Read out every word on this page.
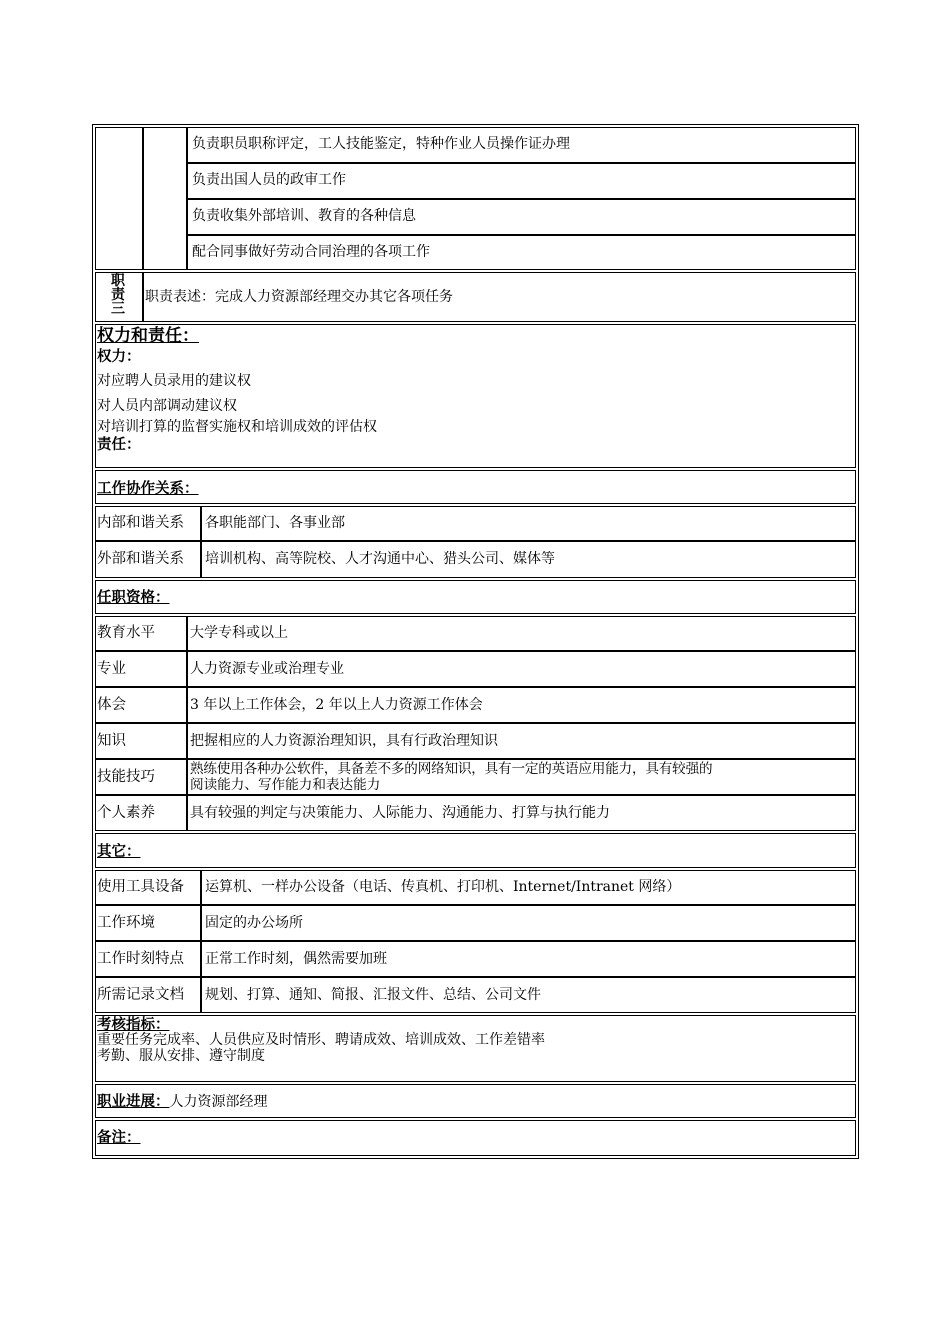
负责职员职称评定，工人技能鉴定，特种作业人员操作证办理
负责出国人员的政审工作
负责收集外部培训、教育的各种信息
配合同事做好劳动合同治理的各项工作
职
责
三
职责表述：完成人力资源部经理交办其它各项任务
权力和责任：
权力：
对应聘人员录用的建议权
对人员内部调动建议权
对培训打算的监督实施权和培训成效的评估权
责任：
工作协作关系：
内部和谐关系 各职能部门、各事业部
外部和谐关系 培训机构、高等院校、人才沟通中心、猎头公司、媒体等
任职资格：
教育水平	大学专科或以上
专业	人力资源专业或治理专业
体会	3 年以上工作体会，2 年以上人力资源工作体会
知识	把握相应的人力资源治理知识，具有行政治理知识
技能技巧	熟练使用各种办公软件，具备差不多的网络知识，具有一定的英语应用能力，具有较强的
阅读能力、写作能力和表达能力
个人素养	具有较强的判定与决策能力、人际能力、沟通能力、打算与执行能力
其它：
使用工具设备 运算机、一样办公设备（电话、传真机、打印机、Internet/Intranet 网络）
工作环境	固定的办公场所
工作时刻特点 正常工作时刻，偶然需要加班
所需记录文档 规划、打算、通知、简报、汇报文件、总结、公司文件
考核指标：
重要任务完成率、人员供应及时情形、聘请成效、培训成效、工作差错率
考勤、服从安排、遵守制度
职业进展：人力资源部经理
备注：
